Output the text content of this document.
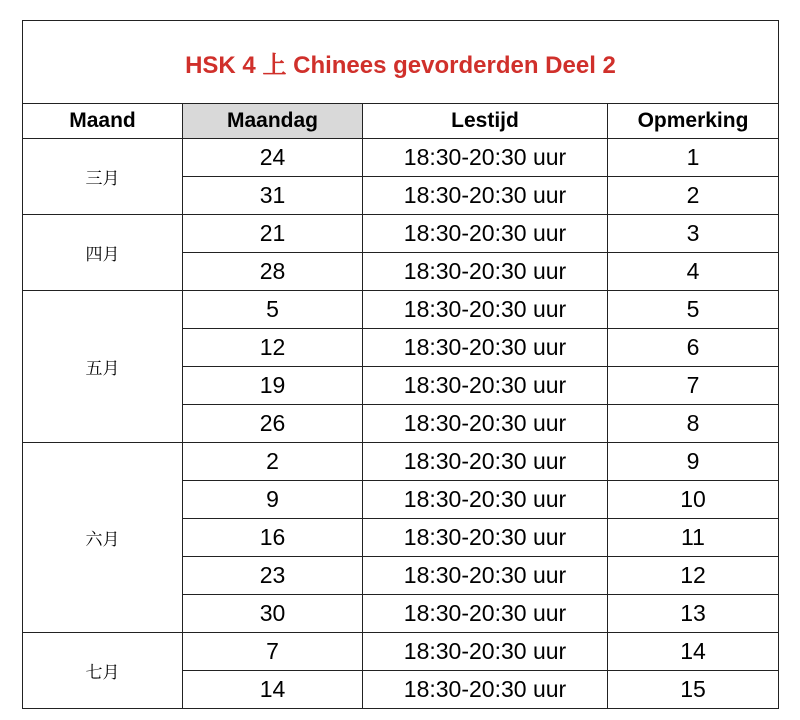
HSK 4 上 Chinees gevorderden Deel 2			
Maand	Maandag	Lestijd	Opmerking
三月	24	18:30-20:30 uur	1
	31	18:30-20:30 uur	2
四月	21	18:30-20:30 uur	3
	28	18:30-20:30 uur	4
五月	5	18:30-20:30 uur	5
	12	18:30-20:30 uur	6
	19	18:30-20:30 uur	7
	26	18:30-20:30 uur	8
六月	2	18:30-20:30 uur	9
	9	18:30-20:30 uur	10
	16	18:30-20:30 uur	11
	23	18:30-20:30 uur	12
	30	18:30-20:30 uur	13
七月	7	18:30-20:30 uur	14
	14	18:30-20:30 uur	15
